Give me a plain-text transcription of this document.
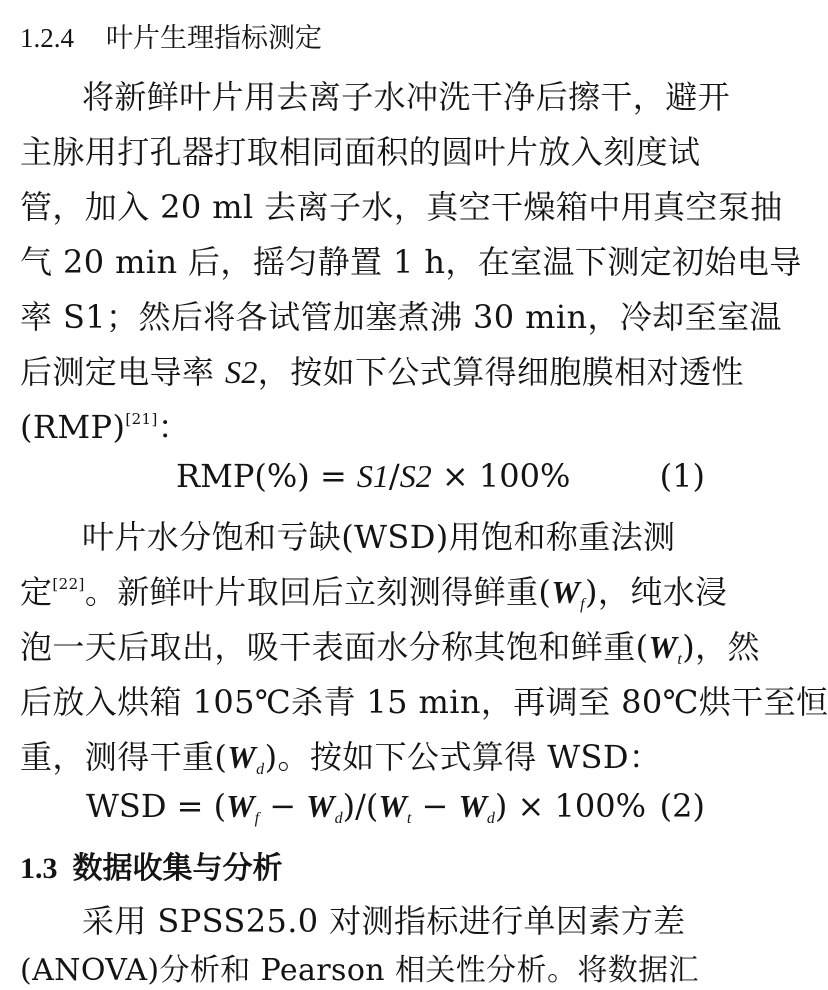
1.2.4 叶片生理指标测定
将新鲜叶片用去离子水冲洗干净后擦干，避开
主脉用打孔器打取相同面积的圆叶片放入刻度试
管，加入 20 ml 去离子水，真空干燥箱中用真空泵抽
气 20 min 后，摇匀静置 1 h，在室温下测定初始电导
率 S1；然后将各试管加塞煮沸 30 min，冷却至室温
后测定电导率 S2，按如下公式算得细胞膜相对透性
(RMP)[21]：
RMP(%) = S1/S2 × 100%	(1)
叶片水分饱和亏缺(WSD)用饱和称重法测
定[22]。新鲜叶片取回后立刻测得鲜重$(W_f)$，纯水浸
泡一天后取出，吸干表面水分称其饱和鲜重$(W_t)$，然
后放入烘箱 105℃杀青 15 min，再调至 80℃烘干至恒
重，测得干重$(W_d)$。按如下公式算得 WSD：
WSD = $(W_f - W_d)/(W_t - W_d) \times 100\%$ (2)
1.3 数据收集与分析
采用 SPSS25.0 对测指标进行单因素方差
(ANOVA)分析和 Pearson 相关性分析。将数据汇
